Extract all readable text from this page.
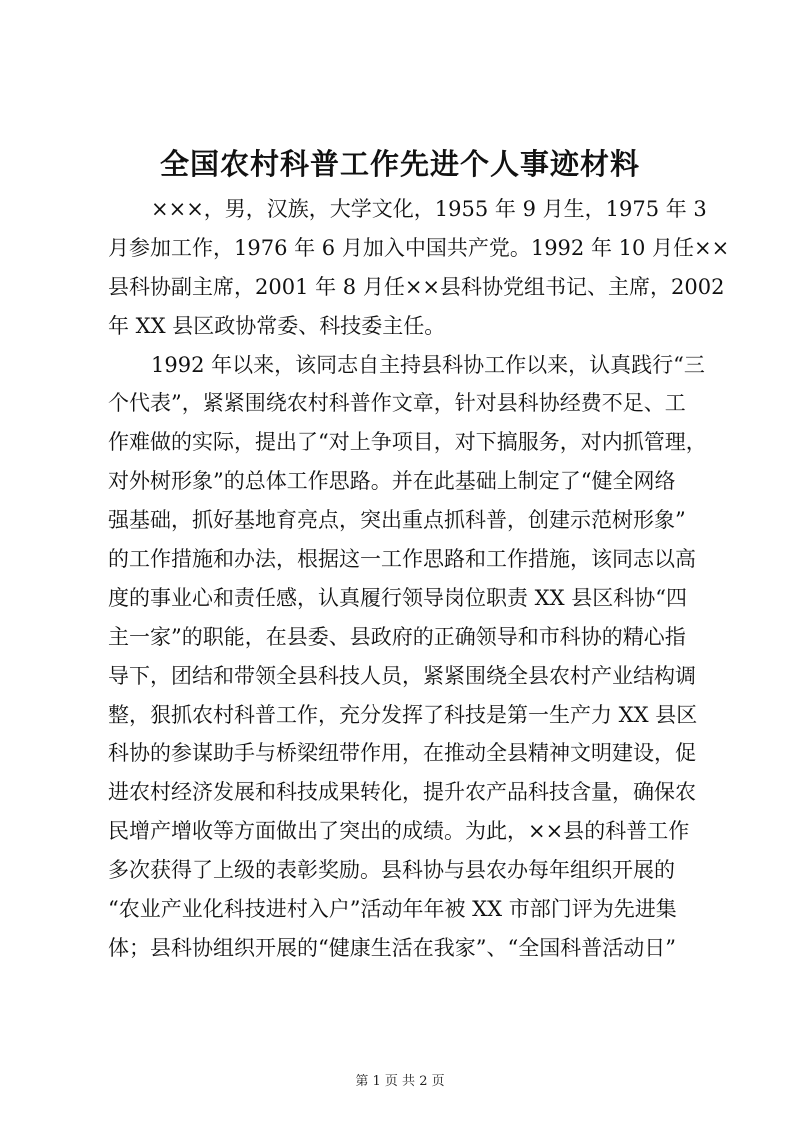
全国农村科普工作先进个人事迹材料
×××，男，汉族，大学文化，1955 年 9 月生，1975 年 3
月参加工作，1976 年 6 月加入中国共产党。1992 年 10 月任××
县科协副主席，2001 年 8 月任××县科协党组书记、主席，2002
年 XX 县区政协常委、科技委主任。
1992 年以来，该同志自主持县科协工作以来，认真践行“三
个代表”，紧紧围绕农村科普作文章，针对县科协经费不足、工
作难做的实际，提出了“对上争项目，对下搞服务，对内抓管理，
对外树形象”的总体工作思路。并在此基础上制定了“健全网络
强基础，抓好基地育亮点，突出重点抓科普，创建示范树形象”
的工作措施和办法，根据这一工作思路和工作措施，该同志以高
度的事业心和责任感，认真履行领导岗位职责 XX 县区科协“四
主一家”的职能，在县委、县政府的正确领导和市科协的精心指
导下，团结和带领全县科技人员，紧紧围绕全县农村产业结构调
整，狠抓农村科普工作，充分发挥了科技是第一生产力 XX 县区
科协的参谋助手与桥梁纽带作用，在推动全县精神文明建设，促
进农村经济发展和科技成果转化，提升农产品科技含量，确保农
民增产增收等方面做出了突出的成绩。为此，××县的科普工作
多次获得了上级的表彰奖励。县科协与县农办每年组织开展的
“农业产业化科技进村入户”活动年年被 XX 市部门评为先进集
体；县科协组织开展的“健康生活在我家”、“全国科普活动日”
第 1 页 共 2 页
